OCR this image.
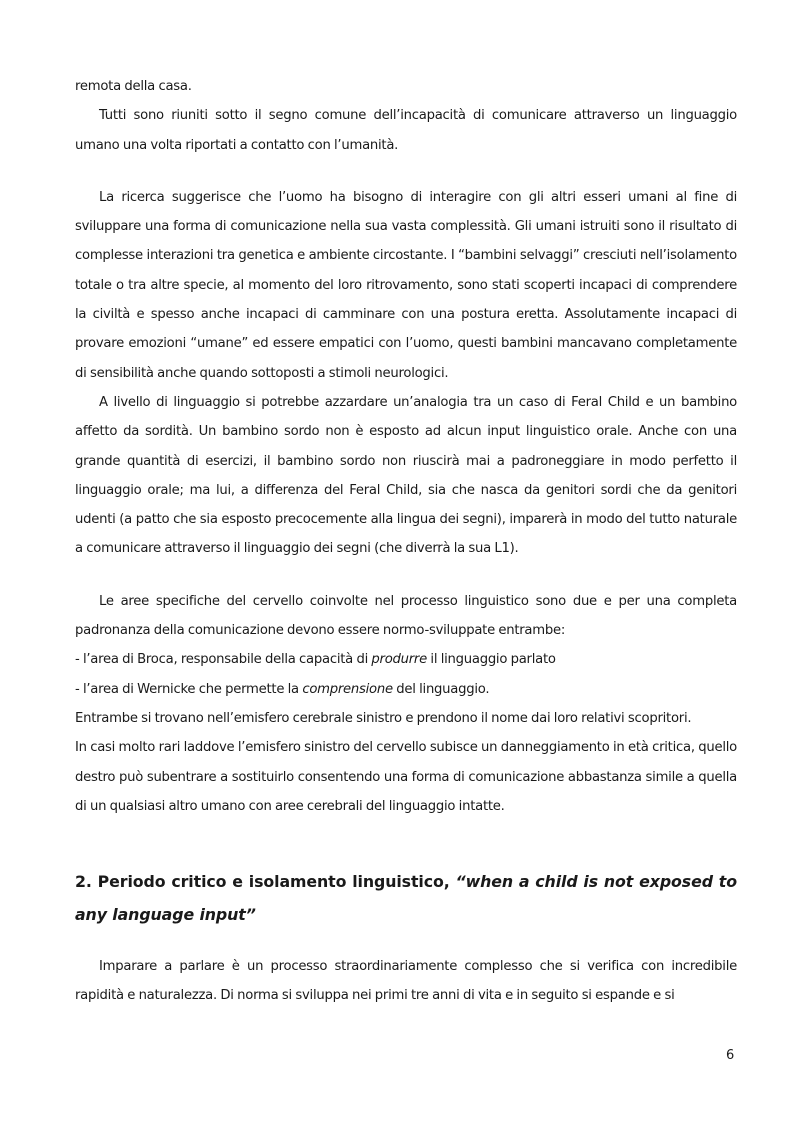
remota della casa.

Tutti sono riuniti sotto il segno comune dell’incapacità di comunicare attraverso un linguaggio umano una volta riportati a contatto con l’umanità.

La ricerca suggerisce che l’uomo ha bisogno di interagire con gli altri esseri umani al fine di sviluppare una forma di comunicazione nella sua vasta complessità. Gli umani istruiti sono il risultato di complesse interazioni tra genetica e ambiente circostante. I “bambini selvaggi” cresciuti nell’isolamento totale o tra altre specie, al momento del loro ritrovamento, sono stati scoperti incapaci di comprendere la civiltà e spesso anche incapaci di camminare con una postura eretta. Assolutamente incapaci di provare emozioni “umane” ed essere empatici con l’uomo, questi bambini mancavano completamente di sensibilità anche quando sottoposti a stimoli neurologici.

A livello di linguaggio si potrebbe azzardare un’analogia tra un caso di Feral Child e un bambino affetto da sordità. Un bambino sordo non è esposto ad alcun input linguistico orale. Anche con una grande quantità di esercizi, il bambino sordo non riuscirà mai a padroneggiare in modo perfetto il linguaggio orale; ma lui, a differenza del Feral Child, sia che nasca da genitori sordi che da genitori udenti (a patto che sia esposto precocemente alla lingua dei segni), imparerà in modo del tutto naturale a comunicare attraverso il linguaggio dei segni (che diverrà la sua L1).

Le aree specifiche del cervello coinvolte nel processo linguistico sono due e per una completa padronanza della comunicazione devono essere normo-sviluppate entrambe:

- l’area di Broca, responsabile della capacità di produrre il linguaggio parlato

- l’area di Wernicke che permette la comprensione del linguaggio.

Entrambe si trovano nell’emisfero cerebrale sinistro e prendono il nome dai loro relativi scopritori.

In casi molto rari laddove l’emisfero sinistro del cervello subisce un danneggiamento in età critica, quello destro può subentrare a sostituirlo consentendo una forma di comunicazione abbastanza simile a quella di un qualsiasi altro umano con aree cerebrali del linguaggio intatte.

2. Periodo critico e isolamento linguistico, “when a child is not exposed to any language input”

Imparare a parlare è un processo straordinariamente complesso che si verifica con incredibile rapidità e naturalezza. Di norma si sviluppa nei primi tre anni di vita e in seguito si espande e si

6
